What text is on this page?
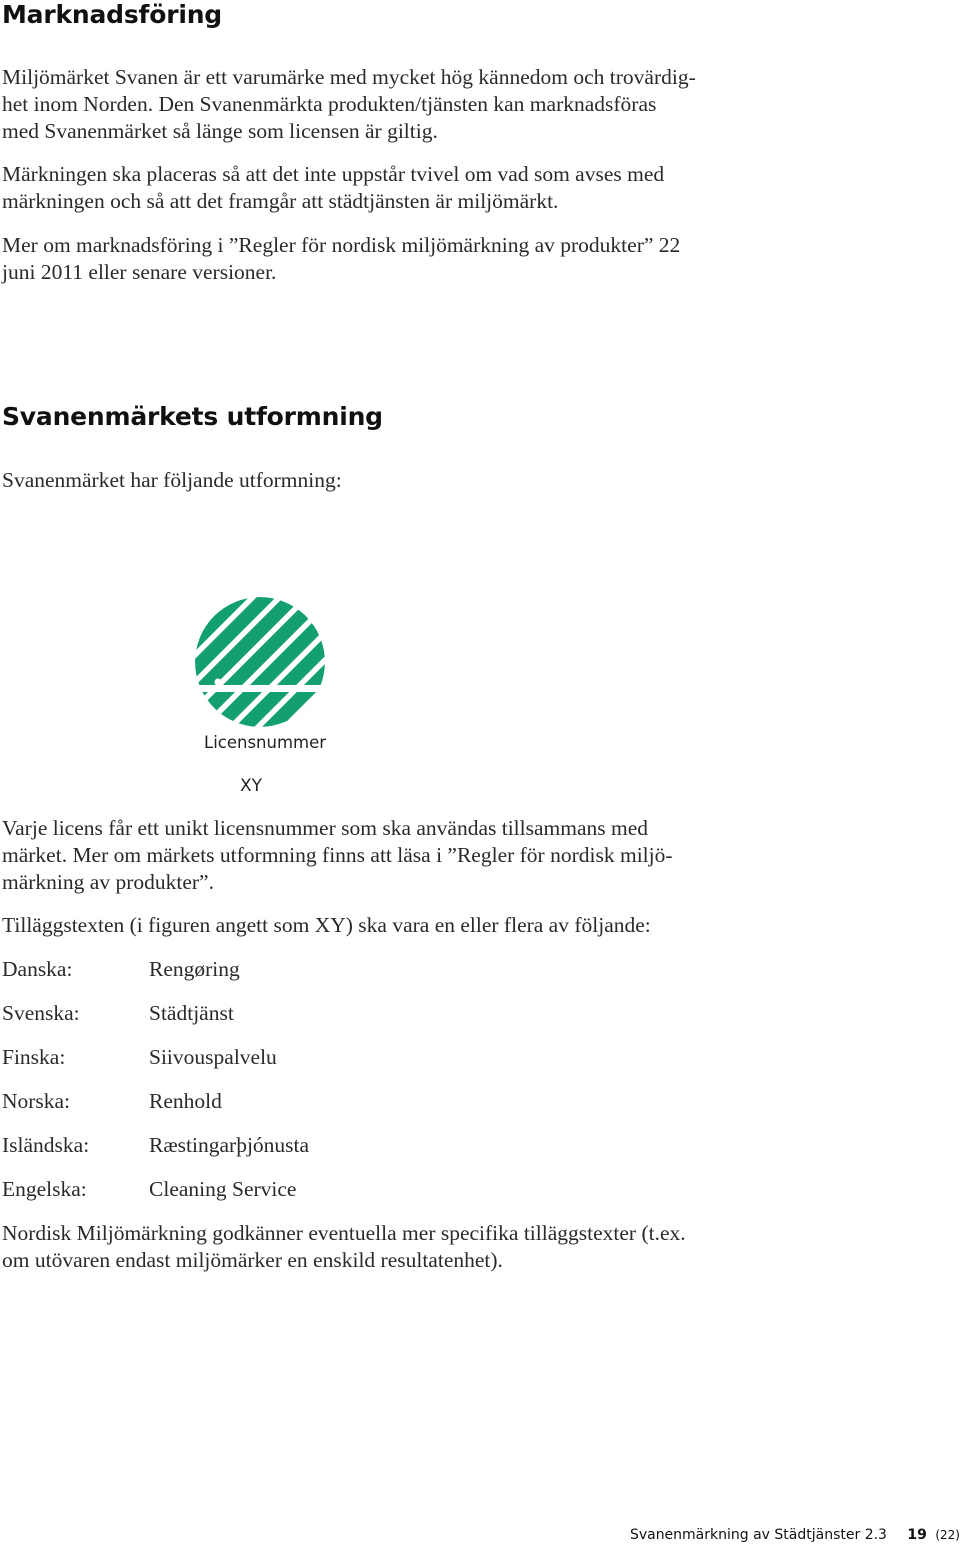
Marknadsföring

Miljömärket Svanen är ett varumärke med mycket hög kännedom och trovärdig-
het inom Norden. Den Svanenmärkta produkten/tjänsten kan marknadsföras
med Svanenmärket så länge som licensen är giltig.

Märkningen ska placeras så att det inte uppstår tvivel om vad som avses med
märkningen och så att det framgår att städtjänsten är miljömärkt.

Mer om marknadsföring i ”Regler för nordisk miljömärkning av produkter” 22
juni 2011 eller senare versioner.

Svanenmärkets utformning

Svanenmärket har följande utformning:

Licensnummer
XY

Varje licens får ett unikt licensnummer som ska användas tillsammans med
märket. Mer om märkets utformning finns att läsa i ”Regler för nordisk miljö-
märkning av produkter”.

Tilläggstexten (i figuren angett som XY) ska vara en eller flera av följande:

Danska:	Rengøring
Svenska:	Städtjänst
Finska:	Siivouspalvelu
Norska:	Renhold
Isländska:	Ræstingarþjónusta
Engelska:	Cleaning Service

Nordisk Miljömärkning godkänner eventuella mer specifika tilläggstexter (t.ex.
om utövaren endast miljömärker en enskild resultatenhet).

Svanenmärkning av Städtjänster 2.3 19 (22)
